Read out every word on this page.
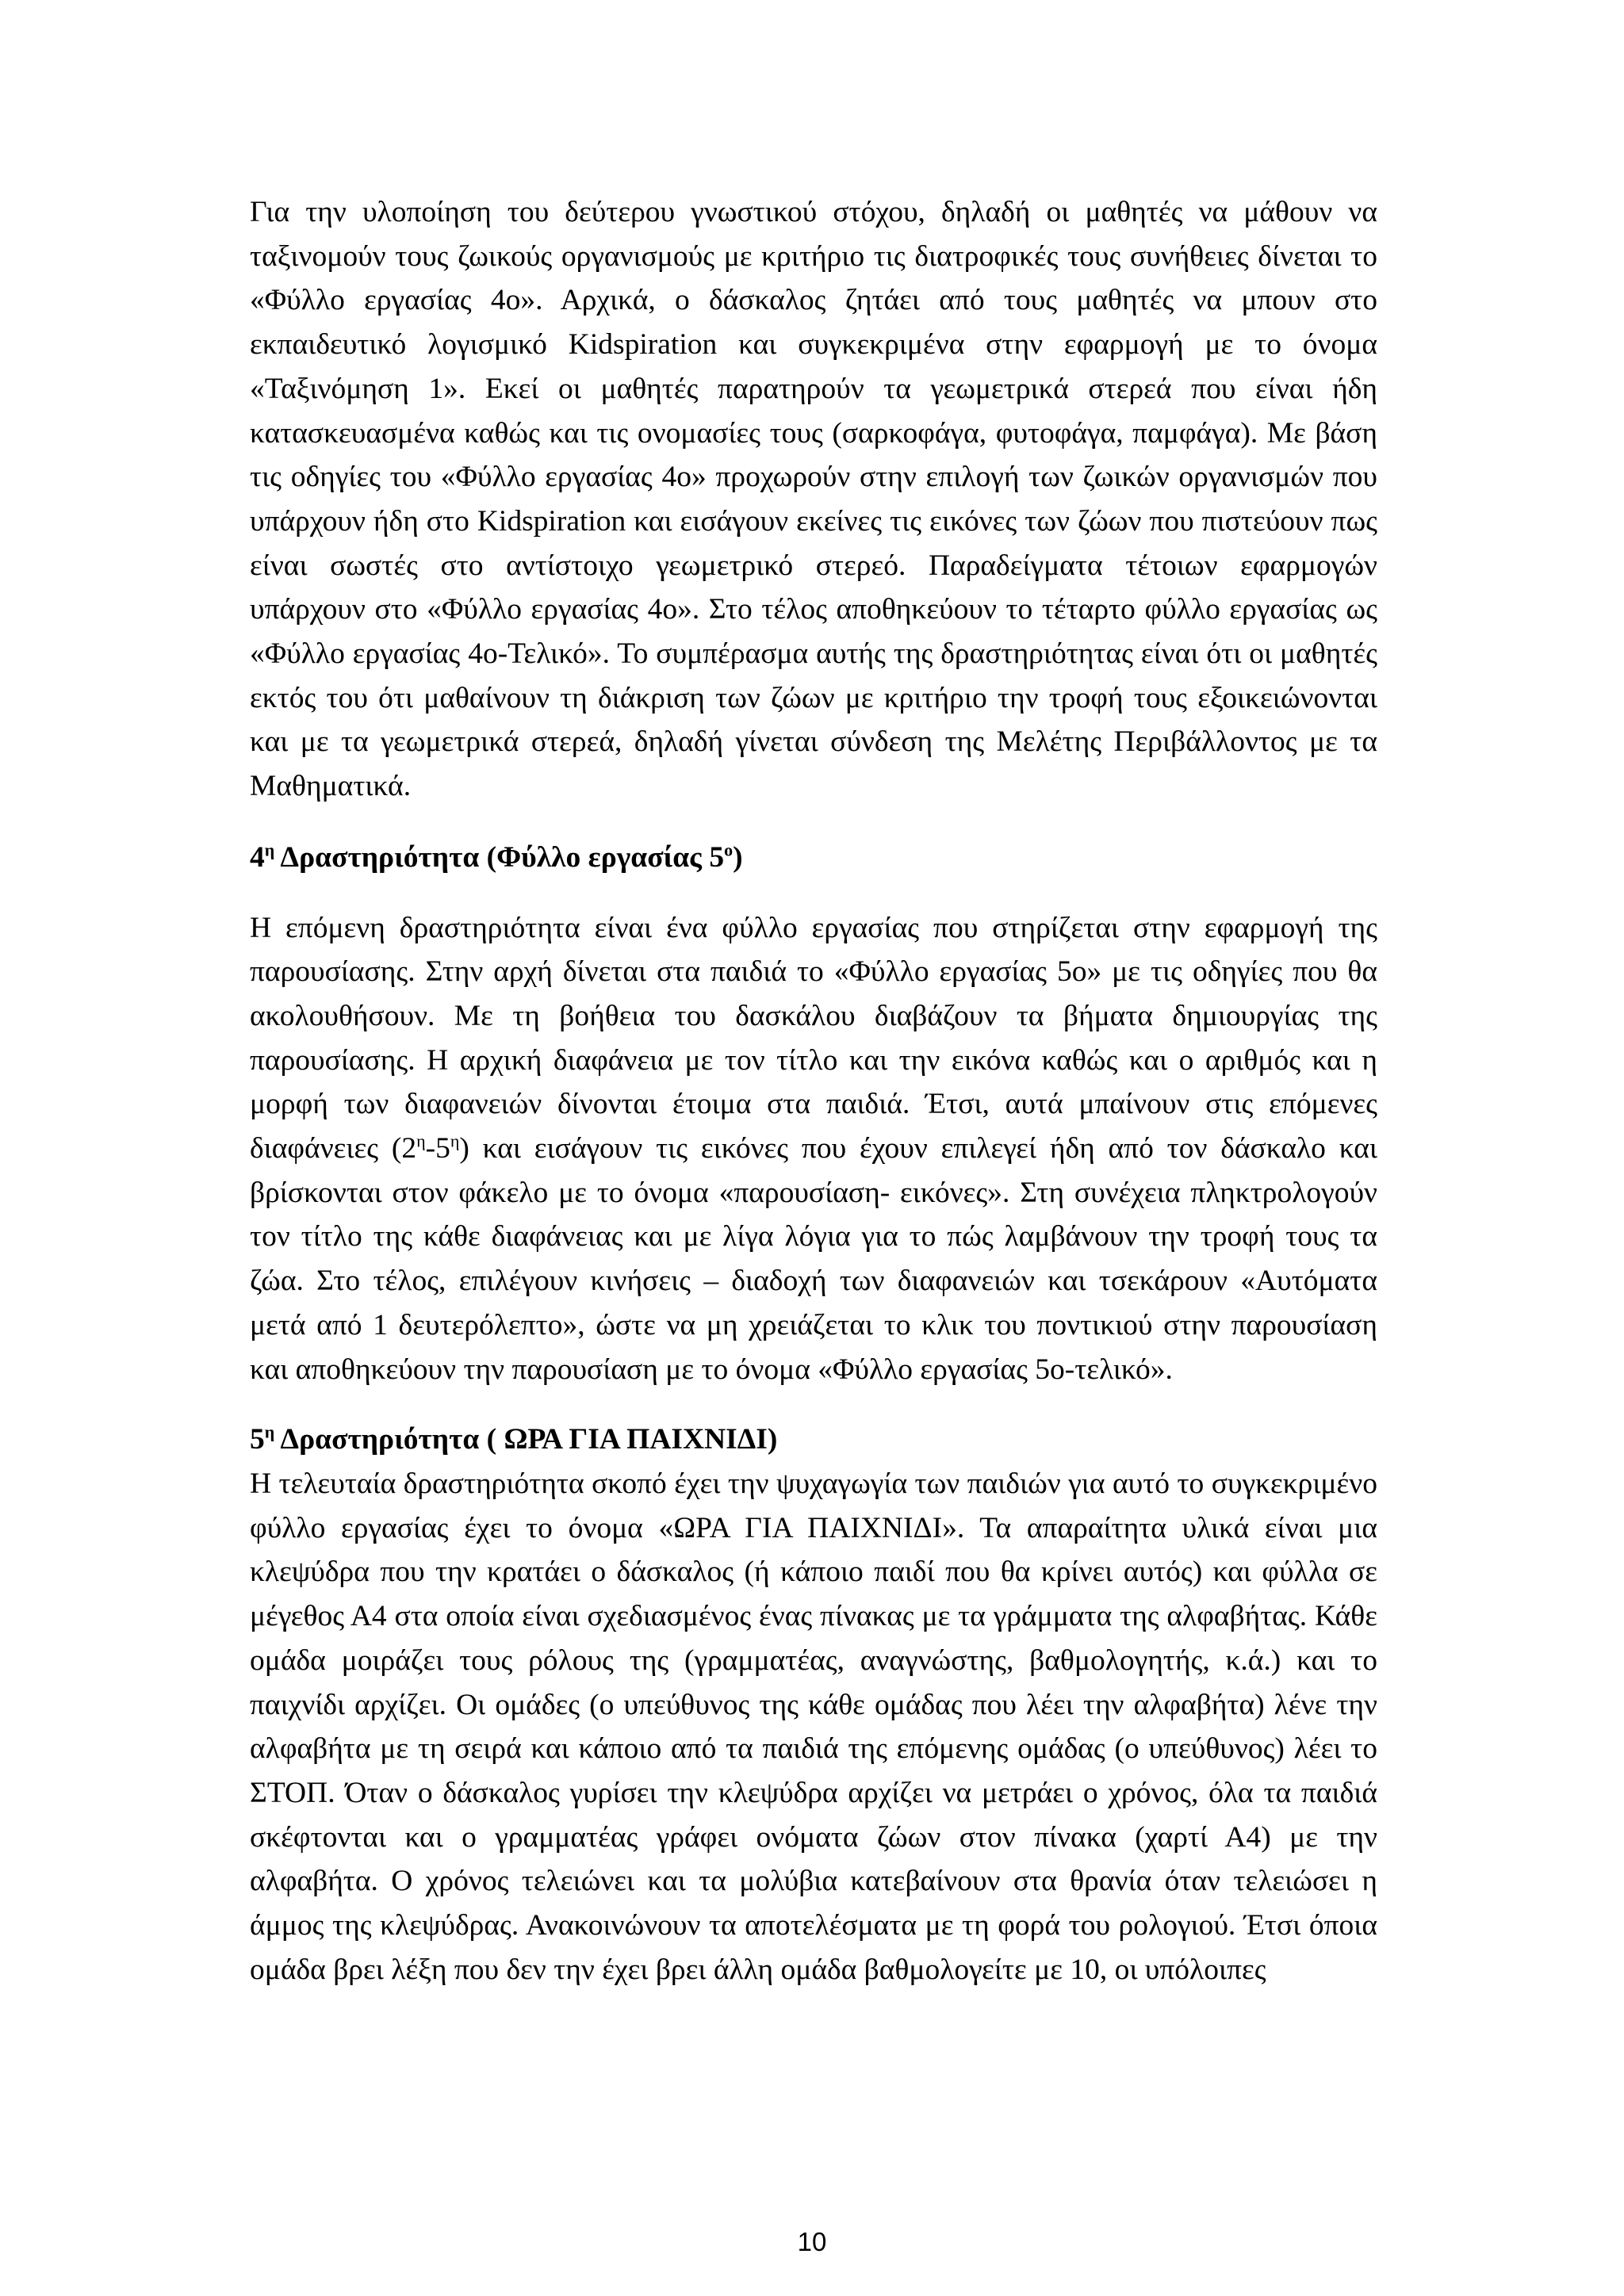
Για την υλοποίηση του δεύτερου γνωστικού στόχου, δηλαδή οι μαθητές να μάθουν να ταξινομούν τους ζωικούς οργανισμούς με κριτήριο τις διατροφικές τους συνήθειες δίνεται το «Φύλλο εργασίας 4ο». Αρχικά, ο δάσκαλος ζητάει από τους μαθητές να μπουν στο εκπαιδευτικό λογισμικό Kidspiration και συγκεκριμένα στην εφαρμογή με το όνομα «Ταξινόμηση 1». Εκεί οι μαθητές παρατηρούν τα γεωμετρικά στερεά που είναι ήδη κατασκευασμένα καθώς και τις ονομασίες τους (σαρκοφάγα, φυτοφάγα, παμφάγα). Με βάση τις οδηγίες του «Φύλλο εργασίας 4ο» προχωρούν στην επιλογή των ζωικών οργανισμών που υπάρχουν ήδη στο Kidspiration και εισάγουν εκείνες τις εικόνες των ζώων που πιστεύουν πως είναι σωστές στο αντίστοιχο γεωμετρικό στερεό. Παραδείγματα τέτοιων εφαρμογών υπάρχουν στο «Φύλλο εργασίας 4ο». Στο τέλος αποθηκεύουν το τέταρτο φύλλο εργασίας ως «Φύλλο εργασίας 4ο-Τελικό». Το συμπέρασμα αυτής της δραστηριότητας είναι ότι οι μαθητές εκτός του ότι μαθαίνουν τη διάκριση των ζώων με κριτήριο την τροφή τους εξοικειώνονται και με τα γεωμετρικά στερεά, δηλαδή γίνεται σύνδεση της Μελέτης Περιβάλλοντος με τα Μαθηματικά.

$4^\eta$ Δραστηριότητα (Φύλλο εργασίας $5^o$)

Η επόμενη δραστηριότητα είναι ένα φύλλο εργασίας που στηρίζεται στην εφαρμογή της παρουσίασης. Στην αρχή δίνεται στα παιδιά το «Φύλλο εργασίας 5ο» με τις οδηγίες που θα ακολουθήσουν. Με τη βοήθεια του δασκάλου διαβάζουν τα βήματα δημιουργίας της παρουσίασης. Η αρχική διαφάνεια με τον τίτλο και την εικόνα καθώς και ο αριθμός και η μορφή των διαφανειών δίνονται έτοιμα στα παιδιά. Έτσι, αυτά μπαίνουν στις επόμενες διαφάνειες $(2^\eta-5^\eta)$ και εισάγουν τις εικόνες που έχουν επιλεγεί ήδη από τον δάσκαλο και βρίσκονται στον φάκελο με το όνομα «παρουσίαση- εικόνες». Στη συνέχεια πληκτρολογούν τον τίτλο της κάθε διαφάνειας και με λίγα λόγια για το πώς λαμβάνουν την τροφή τους τα ζώα. Στο τέλος, επιλέγουν κινήσεις – διαδοχή των διαφανειών και τσεκάρουν «Αυτόματα μετά από 1 δευτερόλεπτο», ώστε να μη χρειάζεται το κλικ του ποντικιού στην παρουσίαση και αποθηκεύουν την παρουσίαση με το όνομα «Φύλλο εργασίας 5ο-τελικό».

$5^\eta$ Δραστηριότητα ( ΩΡΑ ΓΙΑ ΠΑΙΧΝΙΔΙ)

Η τελευταία δραστηριότητα σκοπό έχει την ψυχαγωγία των παιδιών για αυτό το συγκεκριμένο φύλλο εργασίας έχει το όνομα «ΩΡΑ ΓΙΑ ΠΑΙΧΝΙΔΙ». Τα απαραίτητα υλικά είναι μια κλεψύδρα που την κρατάει ο δάσκαλος (ή κάποιο παιδί που θα κρίνει αυτός) και φύλλα σε μέγεθος Α4 στα οποία είναι σχεδιασμένος ένας πίνακας με τα γράμματα της αλφαβήτας. Κάθε ομάδα μοιράζει τους ρόλους της (γραμματέας, αναγνώστης, βαθμολογητής, κ.ά.) και το παιχνίδι αρχίζει. Οι ομάδες (ο υπεύθυνος της κάθε ομάδας που λέει την αλφαβήτα) λένε την αλφαβήτα με τη σειρά και κάποιο από τα παιδιά της επόμενης ομάδας (ο υπεύθυνος) λέει το ΣΤΟΠ. Όταν ο δάσκαλος γυρίσει την κλεψύδρα αρχίζει να μετράει ο χρόνος, όλα τα παιδιά σκέφτονται και ο γραμματέας γράφει ονόματα ζώων στον πίνακα (χαρτί Α4) με την αλφαβήτα. Ο χρόνος τελειώνει και τα μολύβια κατεβαίνουν στα θρανία όταν τελειώσει η άμμος της κλεψύδρας. Ανακοινώνουν τα αποτελέσματα με τη φορά του ρολογιού. Έτσι όποια ομάδα βρει λέξη που δεν την έχει βρει άλλη ομάδα βαθμολογείτε με 10, οι υπόλοιπες

10
